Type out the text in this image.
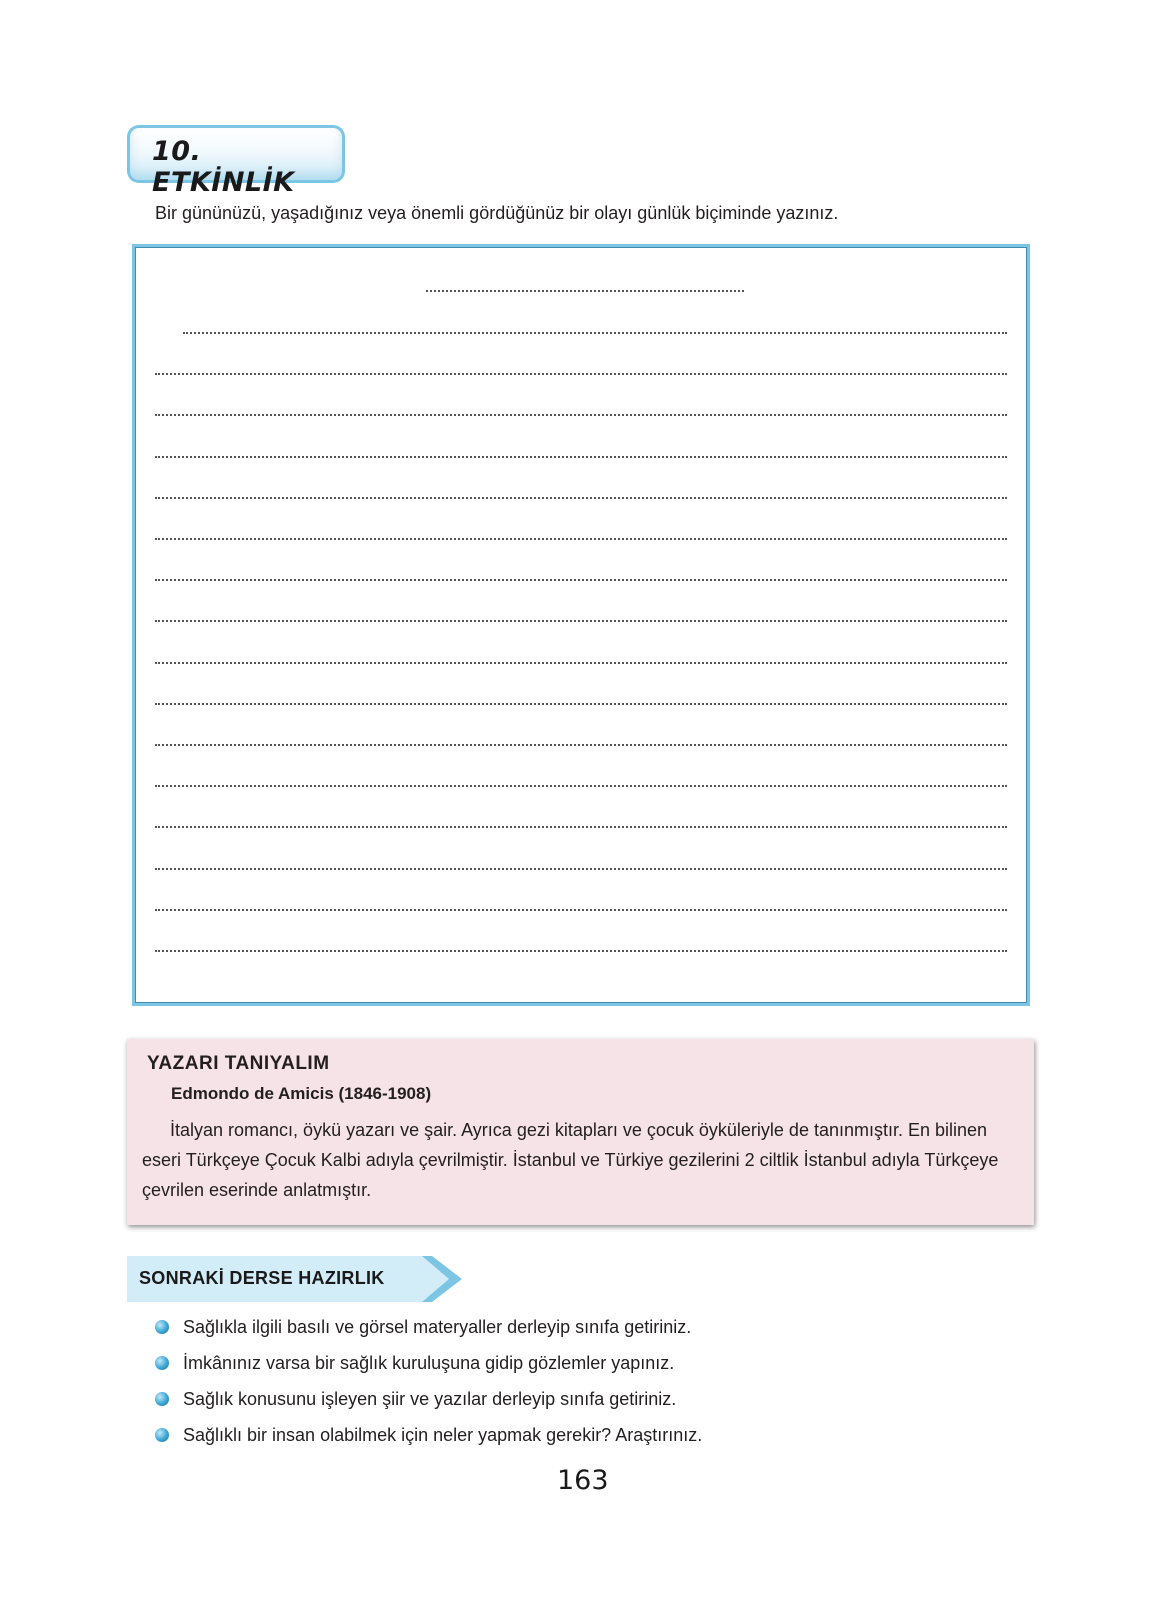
10. ETKİNLİK
Bir gününüzü, yaşadığınız veya önemli gördüğünüz bir olayı günlük biçiminde yazınız.
YAZARI TANIYALIM
Edmondo de Amicis (1846-1908)
İtalyan romancı, öykü yazarı ve şair. Ayrıca gezi kitapları ve çocuk öyküleriyle de tanınmıştır. En bilinen eseri Türkçeye Çocuk Kalbi adıyla çevrilmiştir. İstanbul ve Türkiye gezilerini 2 ciltlik İstanbul adıyla Türkçeye çevrilen eserinde anlatmıştır.
SONRAKİ DERSE HAZIRLIK
Sağlıkla ilgili basılı ve görsel materyaller derleyip sınıfa getiriniz.
İmkânınız varsa bir sağlık kuruluşuna gidip gözlemler yapınız.
Sağlık konusunu işleyen şiir ve yazılar derleyip sınıfa getiriniz.
Sağlıklı bir insan olabilmek için neler yapmak gerekir? Araştırınız.
163
